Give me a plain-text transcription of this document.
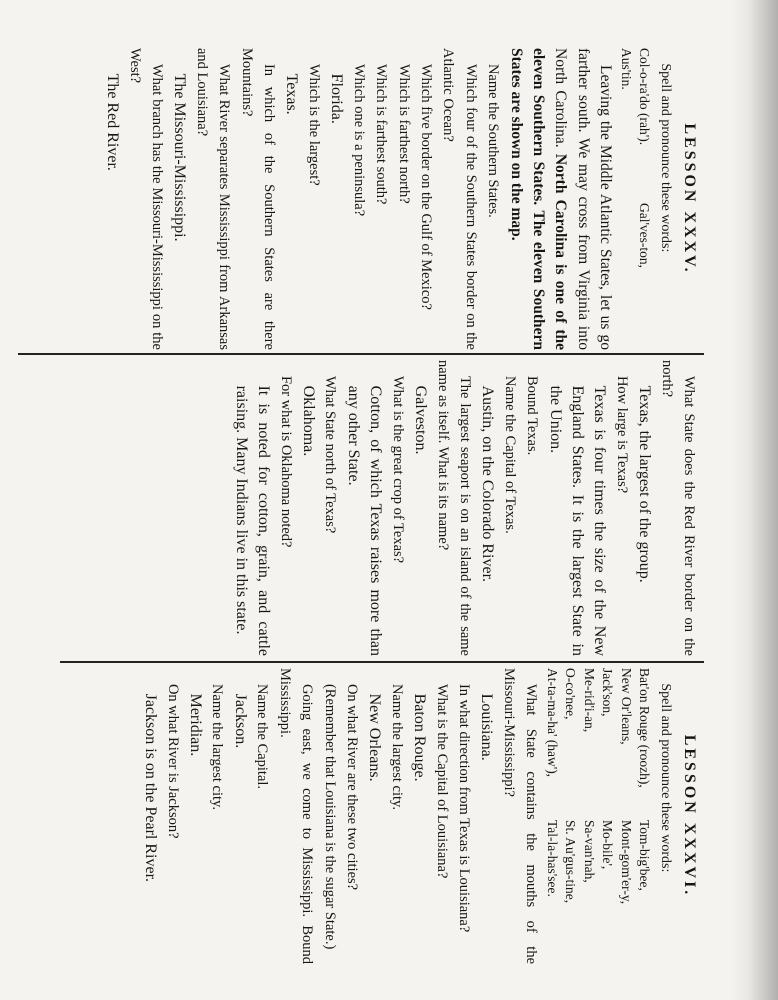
LESSON XXXV.

Spell and pronounce these words:

Col-o-ra'do (rah').
Gal'ves-ton,
Aus'tin.

Leaving the Middle Atlantic States, let us go farther south. We may cross from Virginia into North Carolina. North Carolina is one of the eleven Southern States. The eleven Southern States are shown on the map.

Name the Southern States.

Which four of the Southern States border on the Atlantic Ocean?

Which five border on the Gulf of Mexico?

Which is farthest north?

Which is farthest south?

Which one is a peninsula?

Florida.

Which is the largest?

Texas.

In which of the Southern States are there Mountains?

What River separates Mississippi from Arkansas and Louisiana?

The Missouri-Mississippi.

What branch has the Missouri-Mississippi on the West?

The Red River.

What State does the Red River border on the north?

Texas, the largest of the group.

How large is Texas?

Texas is four times the size of the New England States. It is the largest State in the Union.

Bound Texas.

Name the Capital of Texas.

Austin, on the Colorado River.

The largest seaport is on an island of the same name as itself. What is its name?

Galveston.

What is the great crop of Texas?

Cotton, of which Texas raises more than any other State.

What State north of Texas?

Oklahoma.

For what is Oklahoma noted?

It is noted for cotton, grain, and cattle raising. Many Indians live in this state.

LESSON XXXVI.

Spell and pronounce these words:

Bat'on Rouge (roozh),
Tom-big'bee,
New Or'leans,
Mont-gom'er-y,
Jack'son,
Mo-bile',
Me-rid'i-an,
Sa-van'nah,
O-co'nee,
St. Au'gus-tine,
At-ta-ma-ha' (haw'),
Tal-la-has'see.

What State contains the mouths of the Missouri-Mississippi?

Louisiana.

In what direction from Texas is Louisiana?

What is the Capital of Louisiana?

Baton Rouge.

Name the largest city.

New Orleans.

On what River are these two cities?

(Remember that Louisiana is the sugar State.)

Going east, we come to Mississippi. Bound Mississippi.

Name the Capital.

Jackson.

Name the largest city.

Meridian.

On what River is Jackson?

Jackson is on the Pearl River.
